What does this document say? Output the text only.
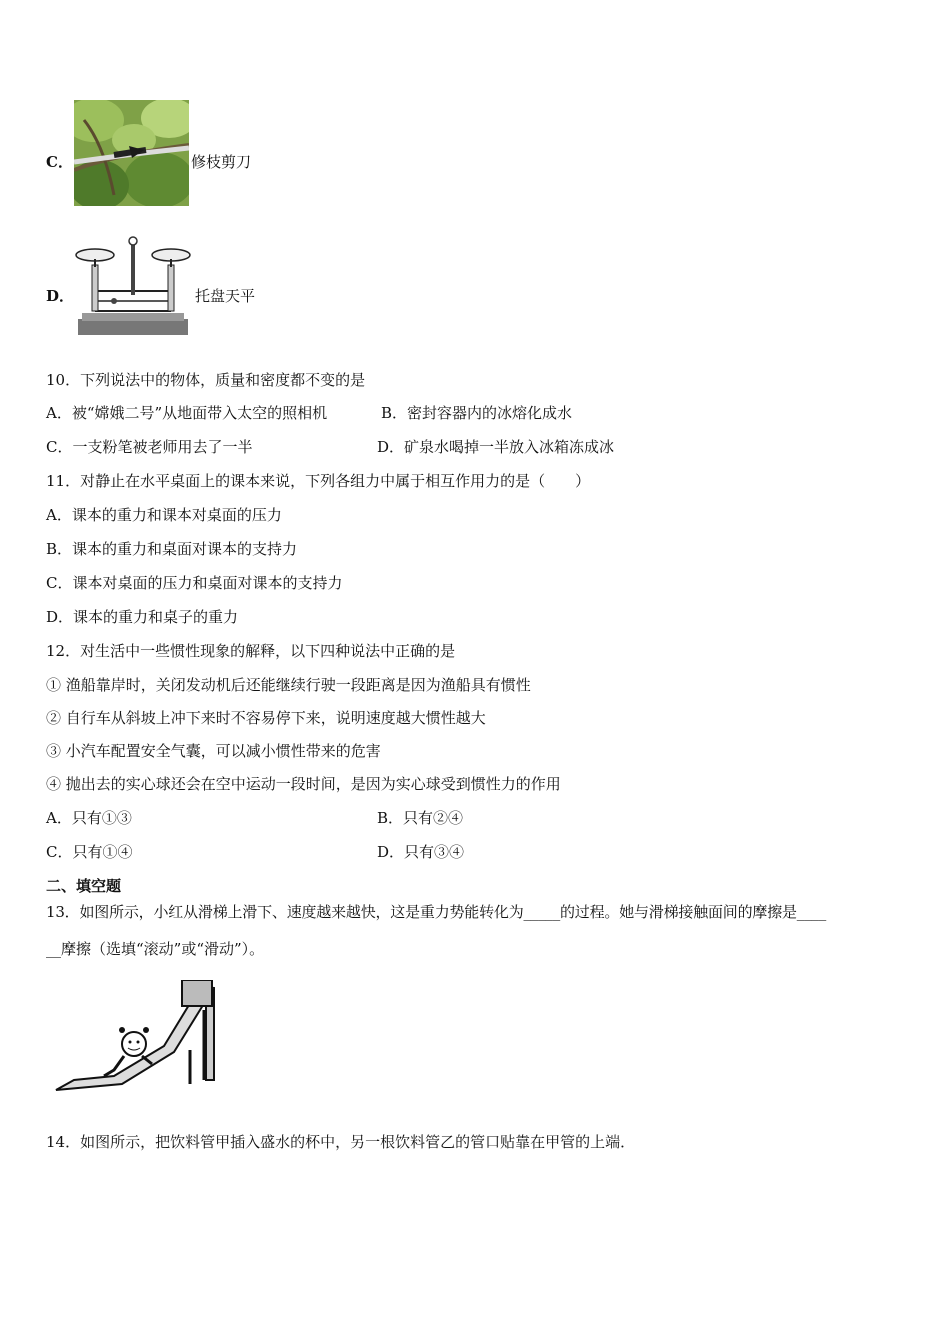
C．	修枝剪刀
D．	托盘天平
10．下列说法中的物体，质量和密度都不变的是
A．被“嫦娥二号”从地面带入太空的照相机	B．密封容器内的冰熔化成水
C．一支粉笔被老师用去了一半	D．矿泉水喝掉一半放入冰箱冻成冰
11．对静止在水平桌面上的课本来说，下列各组力中属于相互作用力的是（　　）
A．课本的重力和课本对桌面的压力
B．课本的重力和桌面对课本的支持力
C．课本对桌面的压力和桌面对课本的支持力
D．课本的重力和桌子的重力
12．对生活中一些惯性现象的解释，以下四种说法中正确的是
① 渔船靠岸时，关闭发动机后还能继续行驶一段距离是因为渔船具有惯性
② 自行车从斜坡上冲下来时不容易停下来，说明速度越大惯性越大
③ 小汽车配置安全气囊，可以减小惯性带来的危害
④ 抛出去的实心球还会在空中运动一段时间，是因为实心球受到惯性力的作用
A．只有①③	B．只有②④
C．只有①④	D．只有③④
二、填空题
13．如图所示，小红从滑梯上滑下、速度越来越快，这是重力势能转化为_____的过程。她与滑梯接触面间的摩擦是____
__摩擦（选填“滚动”或“滑动”）。
14．如图所示，把饮料管甲插入盛水的杯中，另一根饮料管乙的管口贴靠在甲管的上端．
